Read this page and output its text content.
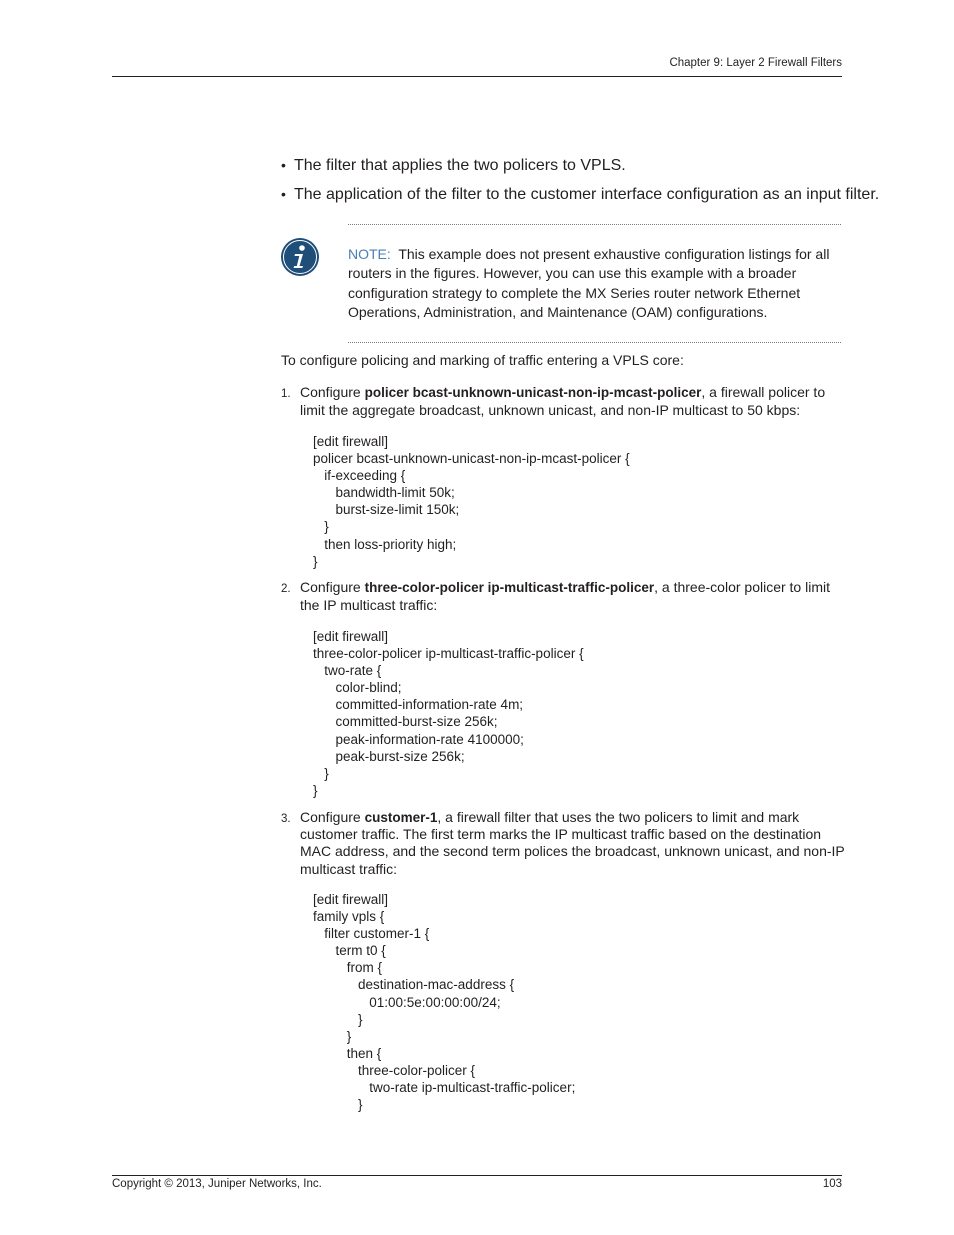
Chapter 9: Layer 2 Firewall Filters
• The filter that applies the two policers to VPLS.
• The application of the filter to the customer interface configuration as an input filter.
NOTE: This example does not present exhaustive configuration listings for all routers in the figures. However, you can use this example with a broader configuration strategy to complete the MX Series router network Ethernet Operations, Administration, and Maintenance (OAM) configurations.
To configure policing and marking of traffic entering a VPLS core:
1. Configure policer bcast-unknown-unicast-non-ip-mcast-policer, a firewall policer to limit the aggregate broadcast, unknown unicast, and non-IP multicast to 50 kbps:
[edit firewall]
policer bcast-unknown-unicast-non-ip-mcast-policer {
if-exceeding {
bandwidth-limit 50k;
burst-size-limit 150k;
}
then loss-priority high;
}
2. Configure three-color-policer ip-multicast-traffic-policer, a three-color policer to limit the IP multicast traffic:
[edit firewall]
three-color-policer ip-multicast-traffic-policer {
two-rate {
color-blind;
committed-information-rate 4m;
committed-burst-size 256k;
peak-information-rate 4100000;
peak-burst-size 256k;
}
}
3. Configure customer-1, a firewall filter that uses the two policers to limit and mark customer traffic. The first term marks the IP multicast traffic based on the destination MAC address, and the second term polices the broadcast, unknown unicast, and non-IP multicast traffic:
[edit firewall]
family vpls {
filter customer-1 {
term t0 {
from {
destination-mac-address {
01:00:5e:00:00:00/24;
}
}
then {
three-color-policer {
two-rate ip-multicast-traffic-policer;
}
Copyright © 2013, Juniper Networks, Inc.	103
